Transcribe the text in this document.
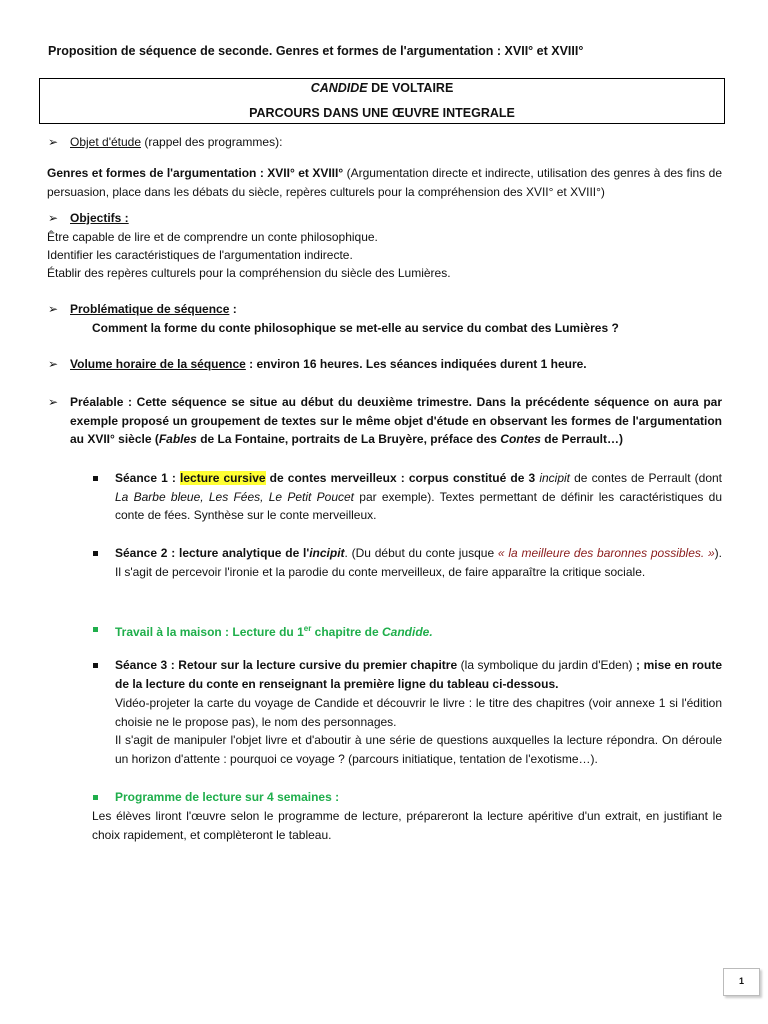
Proposition de séquence de seconde. Genres et formes de l'argumentation : XVII° et XVIII°
CANDIDE DE VOLTAIRE
PARCOURS DANS UNE ŒUVRE INTEGRALE
➢ Objet d'étude (rappel des programmes):
Genres et formes de l'argumentation : XVII° et XVIII° (Argumentation directe et indirecte, utilisation des genres à des fins de persuasion, place dans les débats du siècle, repères culturels pour la compréhension des XVII° et XVIII°)
➢ Objectifs :
Être capable de lire et de comprendre un conte philosophique.
Identifier les caractéristiques de l'argumentation indirecte.
Établir des repères culturels pour la compréhension du siècle des Lumières.
➢ Problématique de séquence :
Comment la forme du conte philosophique se met-elle au service du combat des Lumières ?
➢ Volume horaire de la séquence : environ 16 heures. Les séances indiquées durent 1 heure.
➢ Préalable : Cette séquence se situe au début du deuxième trimestre. Dans la précédente séquence on aura par exemple proposé un groupement de textes sur le même objet d'étude en observant les formes de l'argumentation au XVII° siècle (Fables de La Fontaine, portraits de La Bruyère, préface des Contes de Perrault…)
Séance 1 : lecture cursive de contes merveilleux : corpus constitué de 3 incipit de contes de Perrault (dont La Barbe bleue, Les Fées, Le Petit Poucet par exemple). Textes permettant de définir les caractéristiques du conte de fées. Synthèse sur le conte merveilleux.
Séance 2 : lecture analytique de l'incipit. (Du début du conte jusque « la meilleure des baronnes possibles. »). Il s'agit de percevoir l'ironie et la parodie du conte merveilleux, de faire apparaître la critique sociale.
Travail à la maison : Lecture du 1er chapitre de Candide.
Séance 3 : Retour sur la lecture cursive du premier chapitre (la symbolique du jardin d'Eden) ; mise en route de la lecture du conte en renseignant la première ligne du tableau ci-dessous.
Vidéo-projeter la carte du voyage de Candide et découvrir le livre : le titre des chapitres (voir annexe 1 si l'édition choisie ne le propose pas), le nom des personnages.
Il s'agit de manipuler l'objet livre et d'aboutir à une série de questions auxquelles la lecture répondra. On déroule un horizon d'attente : pourquoi ce voyage ? (parcours initiatique, tentation de l'exotisme…).
Programme de lecture sur 4 semaines :
Les élèves liront l'œuvre selon le programme de lecture, prépareront la lecture apéritive d'un extrait, en justifiant le choix rapidement, et complèteront le tableau.
1
